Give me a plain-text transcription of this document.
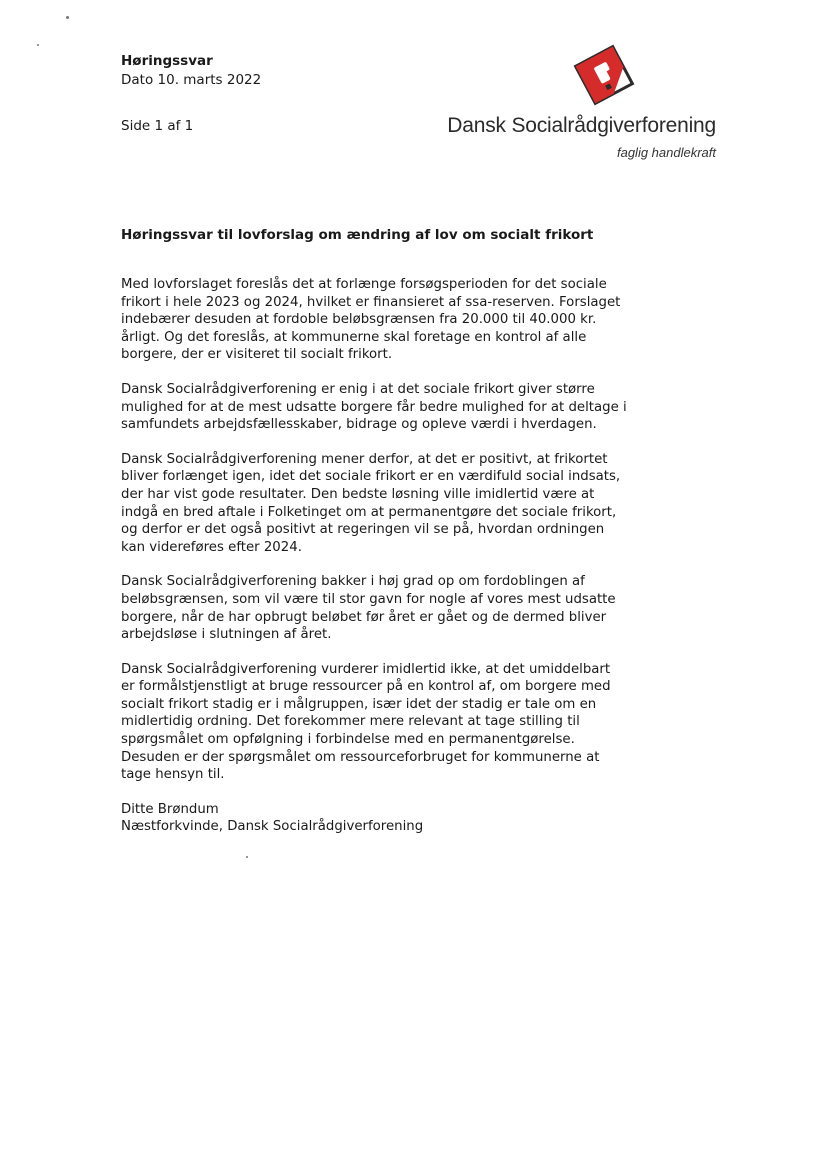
Høringssvar
Dato 10. marts 2022
Side 1 af 1	Dansk Socialrådgiverforening
faglig handlekraft
Høringssvar til lovforslag om ændring af lov om socialt frikort
Med lovforslaget foreslås det at forlænge forsøgsperioden for det sociale
frikort i hele 2023 og 2024, hvilket er finansieret af ssa-reserven. Forslaget
indebærer desuden at fordoble beløbsgrænsen fra 20.000 til 40.000 kr.
årligt. Og det foreslås, at kommunerne skal foretage en kontrol af alle
borgere, der er visiteret til socialt frikort.
Dansk Socialrådgiverforening er enig i at det sociale frikort giver større
mulighed for at de mest udsatte borgere får bedre mulighed for at deltage i
samfundets arbejdsfællesskaber, bidrage og opleve værdi i hverdagen.
Dansk Socialrådgiverforening mener derfor, at det er positivt, at frikortet
bliver forlænget igen, idet det sociale frikort er en værdifuld social indsats,
der har vist gode resultater. Den bedste løsning ville imidlertid være at
indgå en bred aftale i Folketinget om at permanentgøre det sociale frikort,
og derfor er det også positivt at regeringen vil se på, hvordan ordningen
kan videreføres efter 2024.
Dansk Socialrådgiverforening bakker i høj grad op om fordoblingen af
beløbsgrænsen, som vil være til stor gavn for nogle af vores mest udsatte
borgere, når de har opbrugt beløbet før året er gået og de dermed bliver
arbejdsløse i slutningen af året.
Dansk Socialrådgiverforening vurderer imidlertid ikke, at det umiddelbart
er formålstjenstligt at bruge ressourcer på en kontrol af, om borgere med
socialt frikort stadig er i målgruppen, især idet der stadig er tale om en
midlertidig ordning. Det forekommer mere relevant at tage stilling til
spørgsmålet om opfølgning i forbindelse med en permanentgørelse.
Desuden er der spørgsmålet om ressourceforbruget for kommunerne at
tage hensyn til.
Ditte Brøndum
Næstforkvinde, Dansk Socialrådgiverforening
